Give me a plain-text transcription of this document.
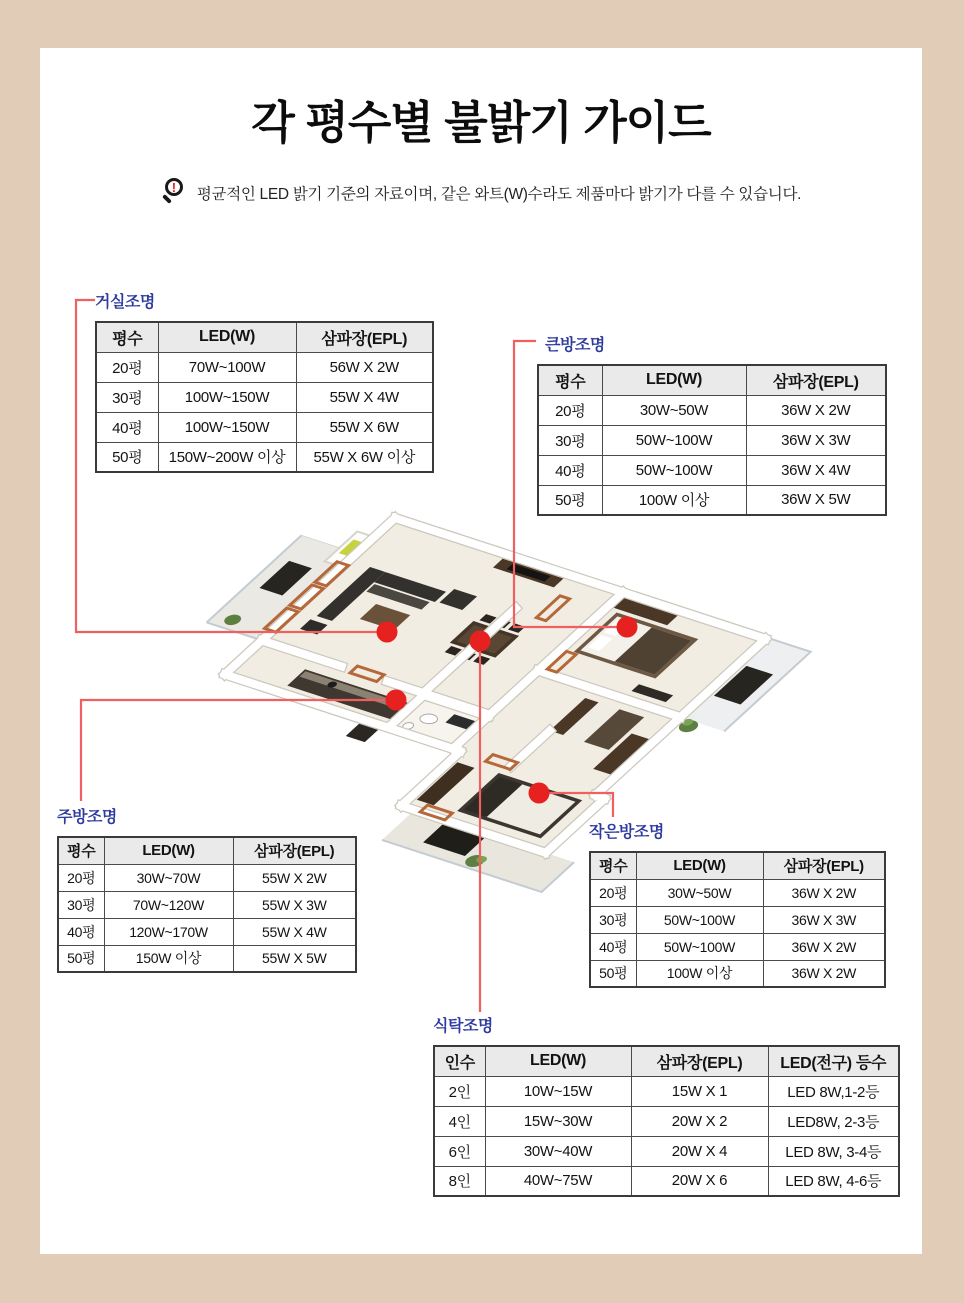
각 평수별 불밝기 가이드
!	평균적인 LED 밝기 기준의 자료이며, 같은 와트(W)수라도 제품마다 밝기가 다를 수 있습니다.
거실조명
평수	LED(W)	삼파장(EPL)
20평	70W~100W	56W X 2W
30평	100W~150W	55W X 4W
40평	100W~150W	55W X 6W
50평	150W~200W 이상	55W X 6W 이상
큰방조명
평수	LED(W)	삼파장(EPL)
20평	30W~50W	36W X 2W
30평	50W~100W	36W X 3W
40평	50W~100W	36W X 4W
50평	100W 이상	36W X 5W
주방조명
평수	LED(W)	삼파장(EPL)
20평	30W~70W	55W X 2W
30평	70W~120W	55W X 3W
40평	120W~170W	55W X 4W
50평	150W 이상	55W X 5W
작은방조명
평수	LED(W)	삼파장(EPL)
20평	30W~50W	36W X 2W
30평	50W~100W	36W X 3W
40평	50W~100W	36W X 2W
50평	100W 이상	36W X 2W
식탁조명
인수	LED(W)	삼파장(EPL)	LED(전구) 등수
2인	10W~15W	15W X 1	LED 8W,1-2등
4인	15W~30W	20W X 2	LED8W, 2-3등
6인	30W~40W	20W X 4	LED 8W, 3-4등
8인	40W~75W	20W X 6	LED 8W, 4-6등
